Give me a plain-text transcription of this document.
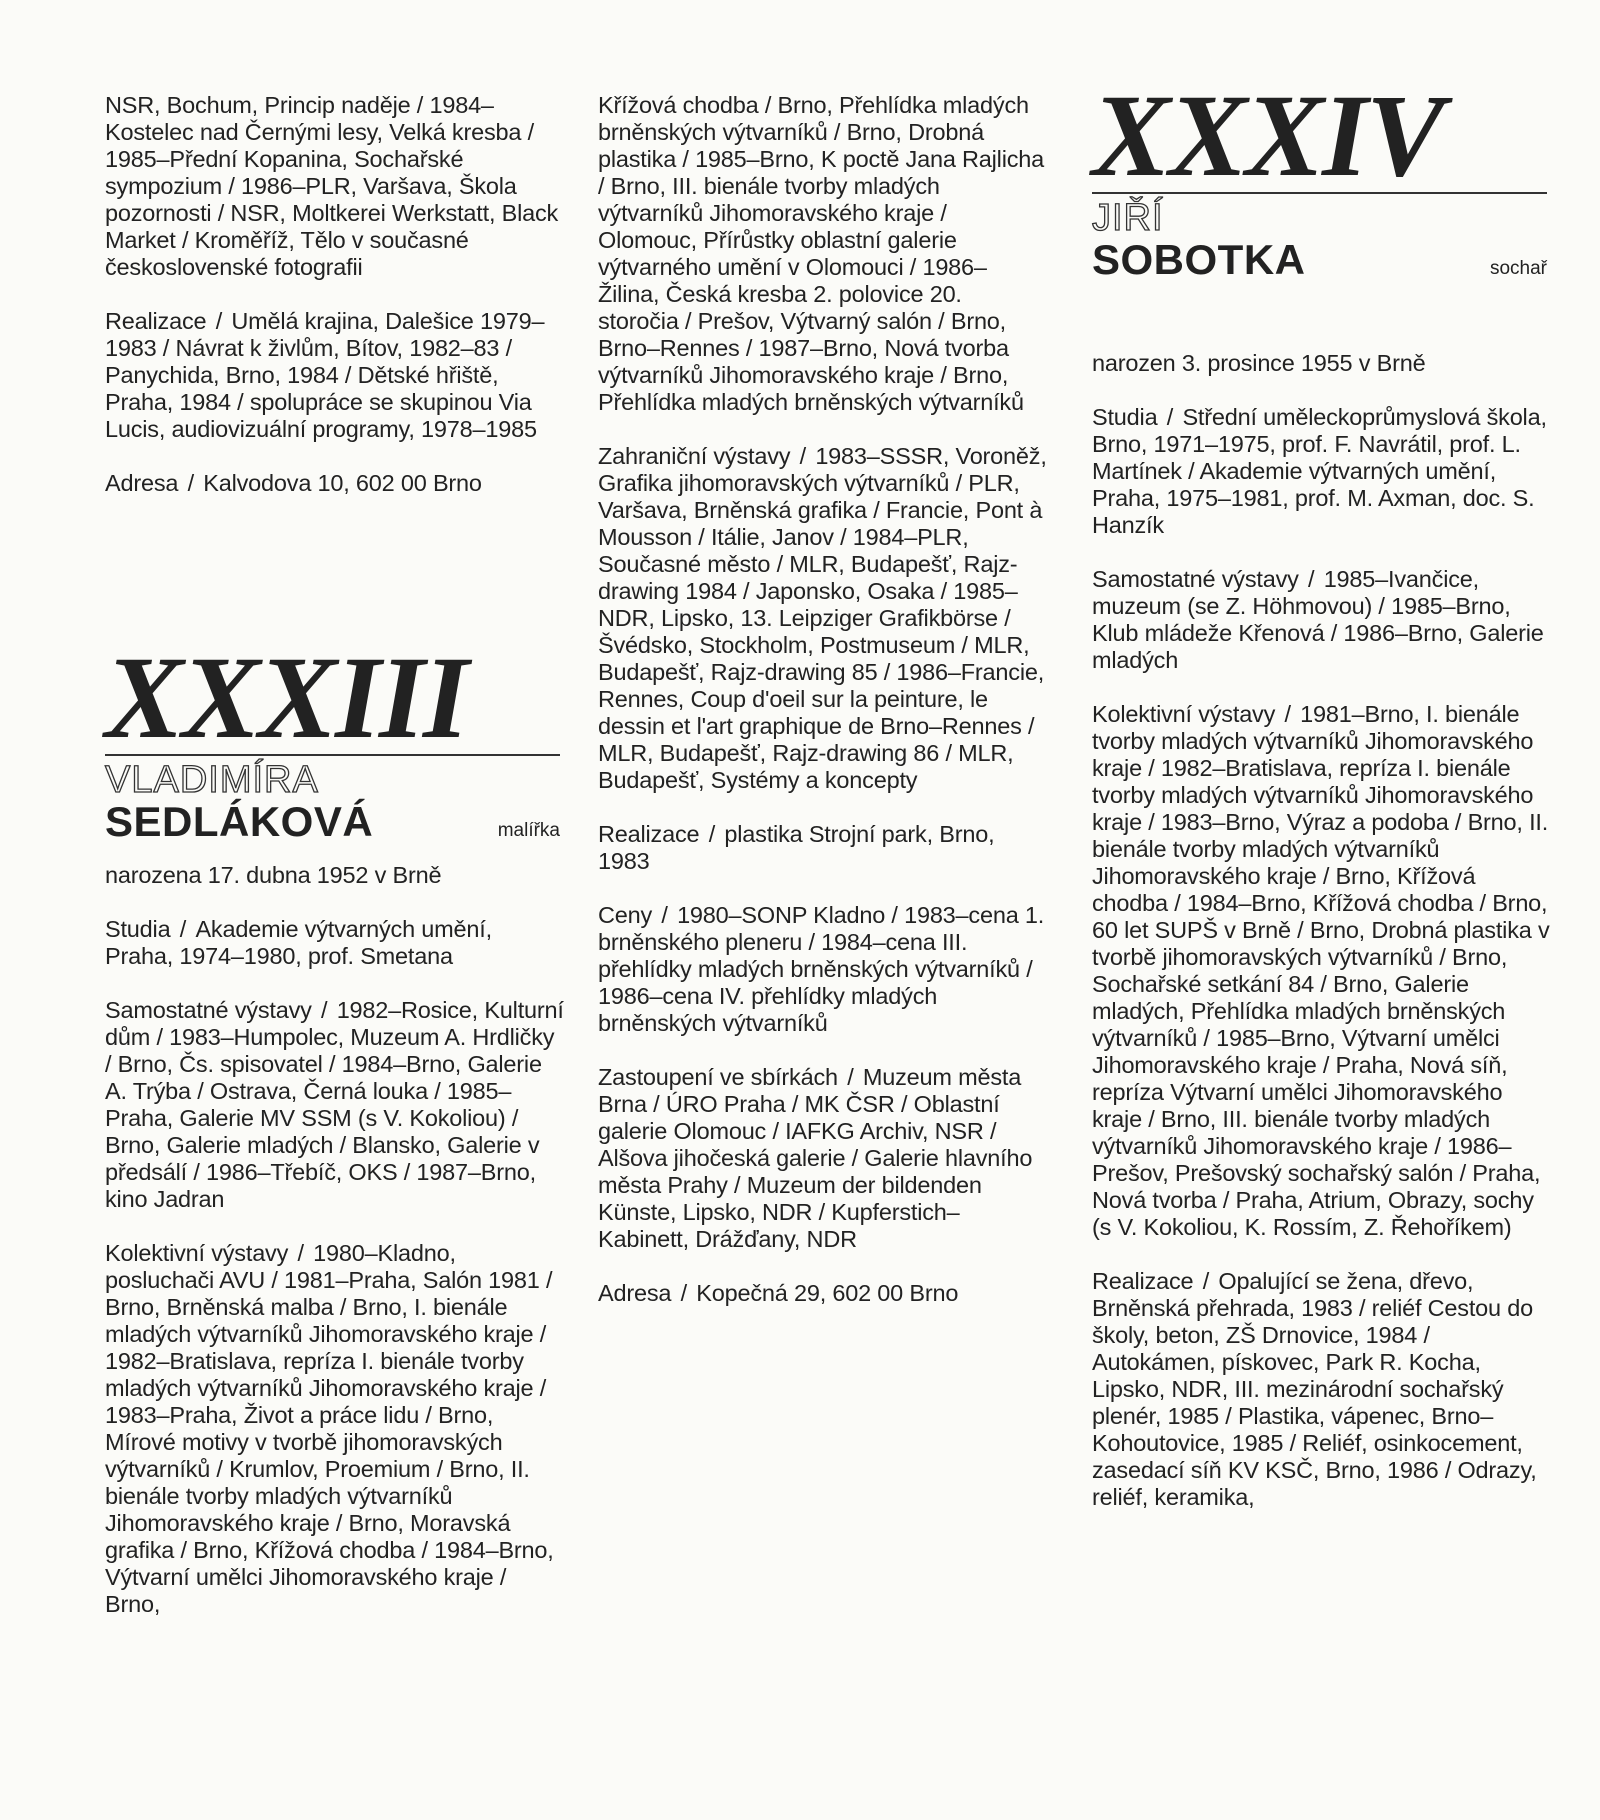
NSR, Bochum, Princip naděje / 1984–Kostelec nad Černými lesy, Velká kresba / 1985–Přední Kopanina, Sochařské sympozium / 1986–PLR, Varšava, Škola pozornosti / NSR, Moltkerei Werkstatt, Black Market / Kroměříž, Tělo v současné československé fotografii

Realizace / Umělá krajina, Dalešice 1979–1983 / Návrat k živlům, Bítov, 1982–83 / Panychida, Brno, 1984 / Dětské hřiště, Praha, 1984 / spolupráce se skupinou Via Lucis, audiovizuální programy, 1978–1985

Adresa / Kalvodova 10, 602 00 Brno

XXXIII
VLADIMÍRA
SEDLÁKOVÁ	malířka

narozena 17. dubna 1952 v Brně

Studia / Akademie výtvarných umění, Praha, 1974–1980, prof. Smetana

Samostatné výstavy / 1982–Rosice, Kulturní dům / 1983–Humpolec, Muzeum A. Hrdličky / Brno, Čs. spisovatel / 1984–Brno, Galerie A. Trýba / Ostrava, Černá louka / 1985–Praha, Galerie MV SSM (s V. Kokoliou) / Brno, Galerie mladých / Blansko, Galerie v předsálí / 1986–Třebíč, OKS / 1987–Brno, kino Jadran

Kolektivní výstavy / 1980–Kladno, posluchači AVU / 1981–Praha, Salón 1981 / Brno, Brněnská malba / Brno, I. bienále mladých výtvarníků Jihomoravského kraje / 1982–Bratislava, repríza I. bienále tvorby mladých výtvarníků Jihomoravského kraje / 1983–Praha, Život a práce lidu / Brno, Mírové motivy v tvorbě jihomoravských výtvarníků / Krumlov, Proemium / Brno, II. bienále tvorby mladých výtvarníků Jihomoravského kraje / Brno, Moravská grafika / Brno, Křížová chodba / 1984–Brno, Výtvarní umělci Jihomoravského kraje / Brno,

Křížová chodba / Brno, Přehlídka mladých brněnských výtvarníků / Brno, Drobná plastika / 1985–Brno, K poctě Jana Rajlicha / Brno, III. bienále tvorby mladých výtvarníků Jihomoravského kraje / Olomouc, Přírůstky oblastní galerie výtvarného umění v Olomouci / 1986–Žilina, Česká kresba 2. polovice 20. storočia / Prešov, Výtvarný salón / Brno, Brno–Rennes / 1987–Brno, Nová tvorba výtvarníků Jihomoravského kraje / Brno, Přehlídka mladých brněnských výtvarníků

Zahraniční výstavy / 1983–SSSR, Voroněž, Grafika jihomoravských výtvarníků / PLR, Varšava, Brněnská grafika / Francie, Pont à Mousson / Itálie, Janov / 1984–PLR, Současné město / MLR, Budapešť, Rajz-drawing 1984 / Japonsko, Osaka / 1985–NDR, Lipsko, 13. Leipziger Grafikbörse / Švédsko, Stockholm, Postmuseum / MLR, Budapešť, Rajz-drawing 85 / 1986–Francie, Rennes, Coup d'oeil sur la peinture, le dessin et l'art graphique de Brno–Rennes / MLR, Budapešť, Rajz-drawing 86 / MLR, Budapešť, Systémy a koncepty

Realizace / plastika Strojní park, Brno, 1983

Ceny / 1980–SONP Kladno / 1983–cena 1. brněnského pleneru / 1984–cena III. přehlídky mladých brněnských výtvarníků / 1986–cena IV. přehlídky mladých brněnských výtvarníků

Zastoupení ve sbírkách / Muzeum města Brna / ÚRO Praha / MK ČSR / Oblastní galerie Olomouc / IAFKG Archiv, NSR / Alšova jihočeská galerie / Galerie hlavního města Prahy / Muzeum der bildenden Künste, Lipsko, NDR / Kupferstich–Kabinett, Drážďany, NDR

Adresa / Kopečná 29, 602 00 Brno

XXXIV
JIŘÍ
SOBOTKA	sochař

narozen 3. prosince 1955 v Brně

Studia / Střední uměleckoprůmyslová škola, Brno, 1971–1975, prof. F. Navrátil, prof. L. Martínek / Akademie výtvarných umění, Praha, 1975–1981, prof. M. Axman, doc. S. Hanzík

Samostatné výstavy / 1985–Ivančice, muzeum (se Z. Höhmovou) / 1985–Brno, Klub mládeže Křenová / 1986–Brno, Galerie mladých

Kolektivní výstavy / 1981–Brno, I. bienále tvorby mladých výtvarníků Jihomoravského kraje / 1982–Bratislava, repríza I. bienále tvorby mladých výtvarníků Jihomoravského kraje / 1983–Brno, Výraz a podoba / Brno, II. bienále tvorby mladých výtvarníků Jihomoravského kraje / Brno, Křížová chodba / 1984–Brno, Křížová chodba / Brno, 60 let SUPŠ v Brně / Brno, Drobná plastika v tvorbě jihomoravských výtvarníků / Brno, Sochařské setkání 84 / Brno, Galerie mladých, Přehlídka mladých brněnských výtvarníků / 1985–Brno, Výtvarní umělci Jihomoravského kraje / Praha, Nová síň, repríza Výtvarní umělci Jihomoravského kraje / Brno, III. bienále tvorby mladých výtvarníků Jihomoravského kraje / 1986–Prešov, Prešovský sochařský salón / Praha, Nová tvorba / Praha, Atrium, Obrazy, sochy (s V. Kokoliou, K. Rossím, Z. Řehoříkem)

Realizace / Opalující se žena, dřevo, Brněnská přehrada, 1983 / reliéf Cestou do školy, beton, ZŠ Drnovice, 1984 / Autokámen, pískovec, Park R. Kocha, Lipsko, NDR, III. mezinárodní sochařský plenér, 1985 / Plastika, vápenec, Brno–Kohoutovice, 1985 / Reliéf, osinkocement, zasedací síň KV KSČ, Brno, 1986 / Odrazy, reliéf, keramika,
